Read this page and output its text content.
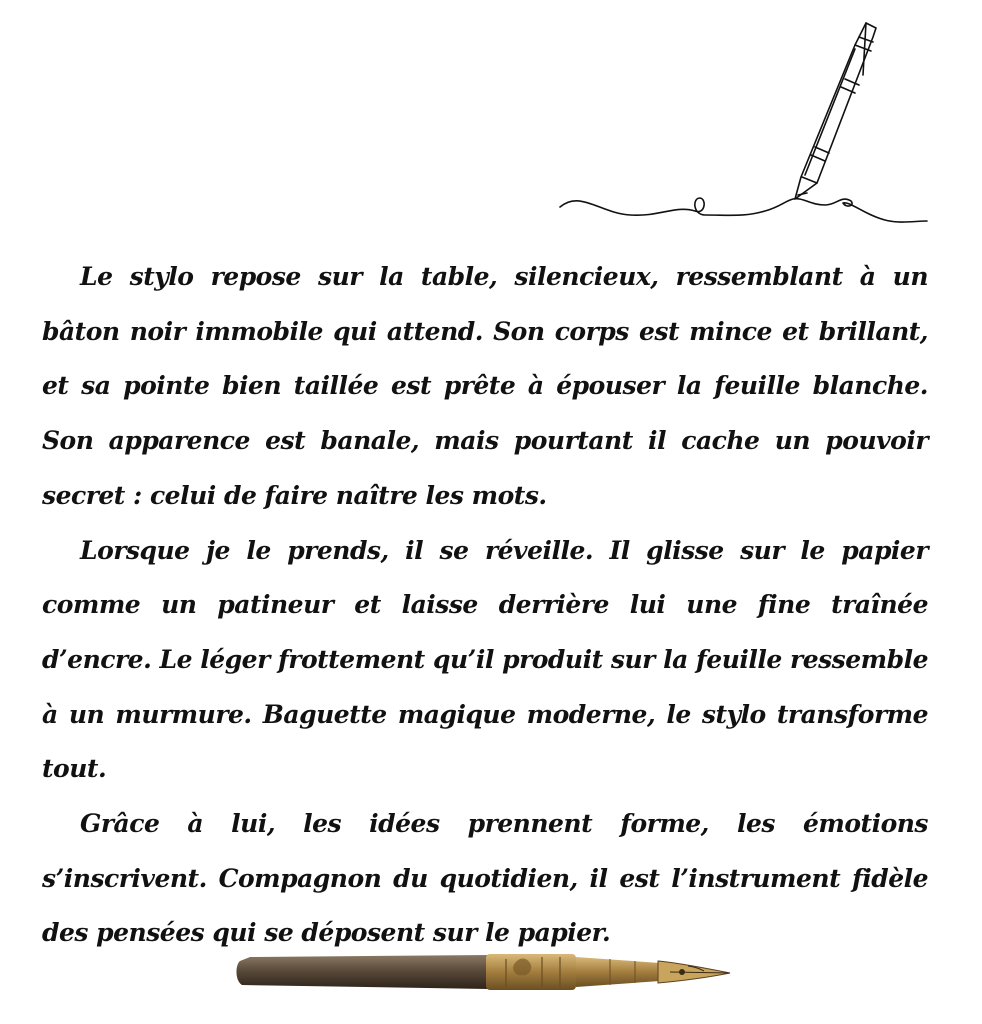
Le stylo repose sur la table, silencieux, ressemblant à un bâton noir immobile qui attend. Son corps est mince et brillant, et sa pointe bien taillée est prête à épouser la feuille blanche. Son apparence est banale, mais pourtant il cache un pouvoir secret : celui de faire naître les mots.

Lorsque je le prends, il se réveille. Il glisse sur le papier comme un patineur et laisse derrière lui une fine traînée d’encre. Le léger frottement qu’il produit sur la feuille ressemble à un murmure. Baguette magique moderne, le stylo transforme tout.

Grâce à lui, les idées prennent forme, les émotions s’inscrivent. Compagnon du quotidien, il est l’instrument fidèle des pensées qui se déposent sur le papier.
